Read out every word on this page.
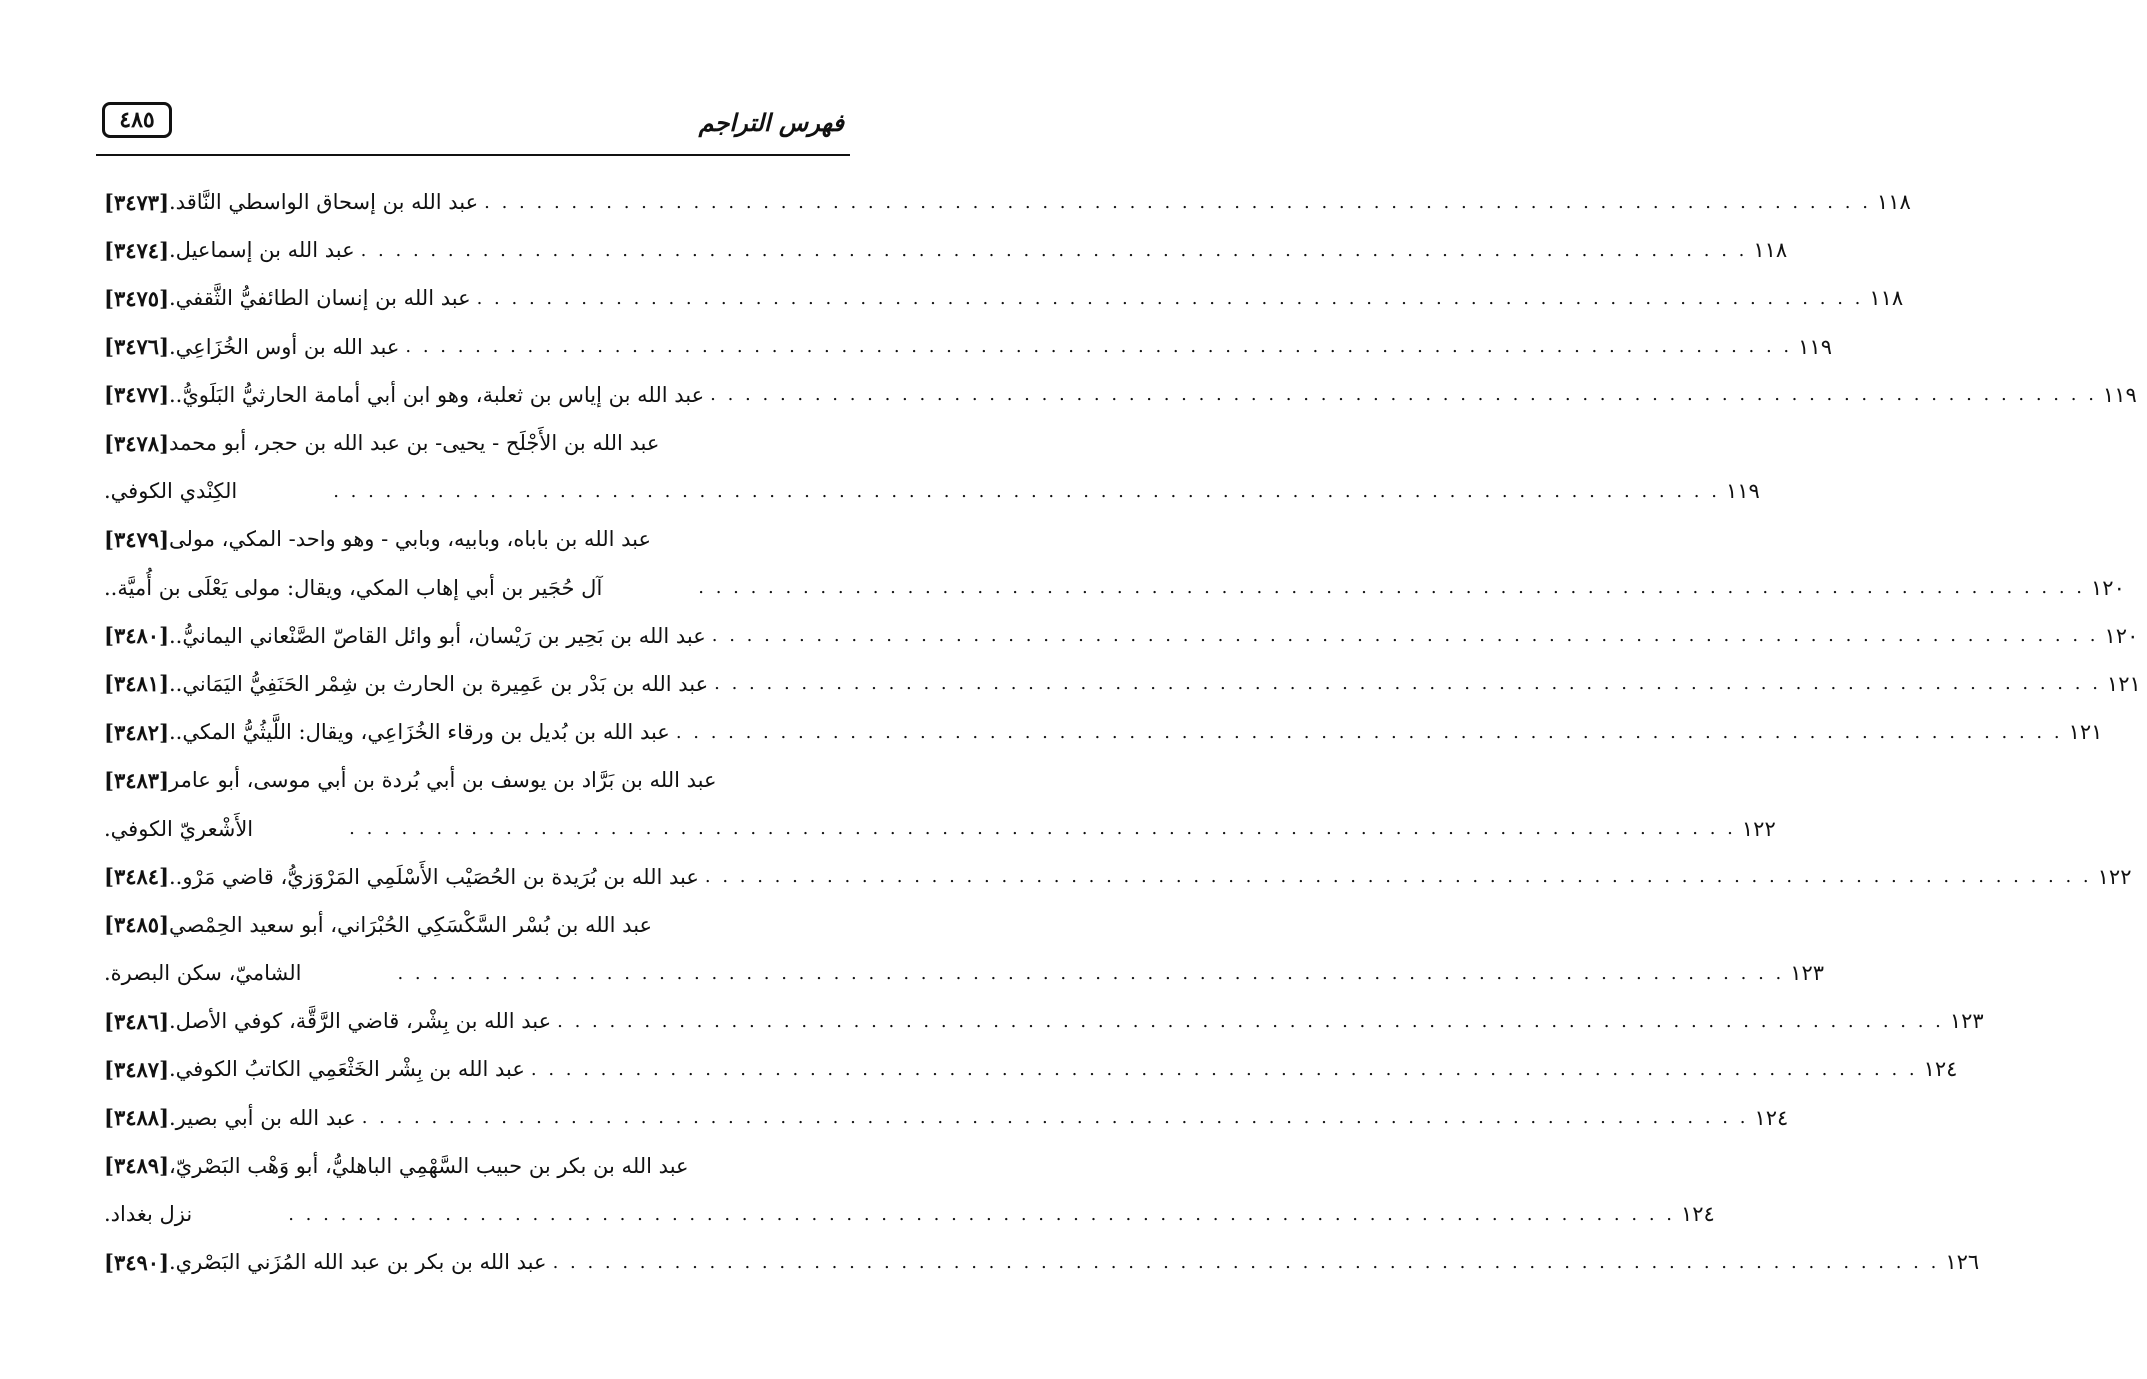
٤٨٥	فهرس التراجم
[٣٤٧٣] عبد الله بن إسحاق الواسطي النَّاقد. . . . . . . . . . . . . . . . . . . . . . . . . . . . . . . . . . . . . . . . . . . . . . . . . . . . . . . . . . . . . . . . . . . . . . . . . . . . . . . . . ١١٨
[٣٤٧٤] عبد الله بن إسماعيل. . . . . . . . . . . . . . . . . . . . . . . . . . . . . . . . . . . . . . . . . . . . . . . . . . . . . . . . . . . . . . . . . . . . . . . . . . . . . . . . . ١١٨
[٣٤٧٥] عبد الله بن إنسان الطائفيُّ الثَّقفي. . . . . . . . . . . . . . . . . . . . . . . . . . . . . . . . . . . . . . . . . . . . . . . . . . . . . . . . . . . . . . . . . . . . . . . . . . . . . . . . . ١١٨
[٣٤٧٦] عبد الله بن أوس الخُزَاعِي. . . . . . . . . . . . . . . . . . . . . . . . . . . . . . . . . . . . . . . . . . . . . . . . . . . . . . . . . . . . . . . . . . . . . . . . . . . . . . . . . ١١٩
[٣٤٧٧] عبد الله بن إياس بن ثعلبة، وهو ابن أبي أمامة الحارثيُّ البَلَويُّ.. . . . . . . . . . . . . . . . . . . . . . . . . . . . . . . . . . . . . . . . . . . . . . . . . . . . . . . . . . . . . . . . . . . . . . . . . . . . . . . . . ١١٩
[٣٤٧٨] عبد الله بن الأَجْلَح - يحيى- بن عبد الله بن حجر، أبو محمد
الكِنْدي الكوفي.	. . . . . . . . . . . . . . . . . . . . . . . . . . . . . . . . . . . . . . . . . . . . . . . . . . . . . . . . . . . . . . . . . . . . . . . . . . . . . . . . ١١٩
[٣٤٧٩] عبد الله بن باباه، وبابيه، وبابي - وهو واحد- المكي، مولى
آل حُجَير بن أبي إهاب المكي، ويقال: مولى يَعْلَى بن أُميَّة..	. . . . . . . . . . . . . . . . . . . . . . . . . . . . . . . . . . . . . . . . . . . . . . . . . . . . . . . . . . . . . . . . . . . . . . . . . . . . . . . . ١٢٠
[٣٤٨٠] عبد الله بن بَحِير بن رَيْسان، أبو وائل القاصّ الصَّنْعاني اليمانيُّ.. . . . . . . . . . . . . . . . . . . . . . . . . . . . . . . . . . . . . . . . . . . . . . . . . . . . . . . . . . . . . . . . . . . . . . . . . . . . . . . . . ١٢٠
[٣٤٨١] عبد الله بن بَدْر بن عَمِيرة بن الحارث بن شِمْر الحَنَفِيُّ اليَمَاني.. . . . . . . . . . . . . . . . . . . . . . . . . . . . . . . . . . . . . . . . . . . . . . . . . . . . . . . . . . . . . . . . . . . . . . . . . . . . . . . . . ١٢١
[٣٤٨٢] عبد الله بن بُديل بن ورقاء الخُزَاعِي، ويقال: اللَّيثُيُّ المكي.. . . . . . . . . . . . . . . . . . . . . . . . . . . . . . . . . . . . . . . . . . . . . . . . . . . . . . . . . . . . . . . . . . . . . . . . . . . . . . . . . ١٢١
[٣٤٨٣] عبد الله بن بَرَّاد بن يوسف بن أبي بُردة بن أبي موسى، أبو عامر
الأَشْعريّ الكوفي.	. . . . . . . . . . . . . . . . . . . . . . . . . . . . . . . . . . . . . . . . . . . . . . . . . . . . . . . . . . . . . . . . . . . . . . . . . . . . . . . . ١٢٢
[٣٤٨٤] عبد الله بن بُرَيدة بن الحُصَيْب الأَسْلَمِي المَرْوَزيُّ، قاضي مَرْو.. . . . . . . . . . . . . . . . . . . . . . . . . . . . . . . . . . . . . . . . . . . . . . . . . . . . . . . . . . . . . . . . . . . . . . . . . . . . . . . . . ١٢٢
[٣٤٨٥] عبد الله بن بُسْر السَّكْسَكِي الحُبْرَاني، أبو سعيد الحِمْصي
الشاميّ، سكن البصرة.	. . . . . . . . . . . . . . . . . . . . . . . . . . . . . . . . . . . . . . . . . . . . . . . . . . . . . . . . . . . . . . . . . . . . . . . . . . . . . . . . ١٢٣
[٣٤٨٦] عبد الله بن بِشْر، قاضي الرَّقَّة، كوفي الأصل. . . . . . . . . . . . . . . . . . . . . . . . . . . . . . . . . . . . . . . . . . . . . . . . . . . . . . . . . . . . . . . . . . . . . . . . . . . . . . . . . ١٢٣
[٣٤٨٧] عبد الله بن بِشْر الخَثْعَمِي الكاتبُ الكوفي. . . . . . . . . . . . . . . . . . . . . . . . . . . . . . . . . . . . . . . . . . . . . . . . . . . . . . . . . . . . . . . . . . . . . . . . . . . . . . . . . ١٢٤
[٣٤٨٨] عبد الله بن أبي بصير. . . . . . . . . . . . . . . . . . . . . . . . . . . . . . . . . . . . . . . . . . . . . . . . . . . . . . . . . . . . . . . . . . . . . . . . . . . . . . . . . ١٢٤
[٣٤٨٩] عبد الله بن بكر بن حبيب السَّهْمِي الباهليُّ، أبو وَهْب البَصْريّ،
نزل بغداد.	. . . . . . . . . . . . . . . . . . . . . . . . . . . . . . . . . . . . . . . . . . . . . . . . . . . . . . . . . . . . . . . . . . . . . . . . . . . . . . . . ١٢٤
[٣٤٩٠] عبد الله بن بكر بن عبد الله المُزَني البَصْري. . . . . . . . . . . . . . . . . . . . . . . . . . . . . . . . . . . . . . . . . . . . . . . . . . . . . . . . . . . . . . . . . . . . . . . . . . . . . . . . . ١٢٦
